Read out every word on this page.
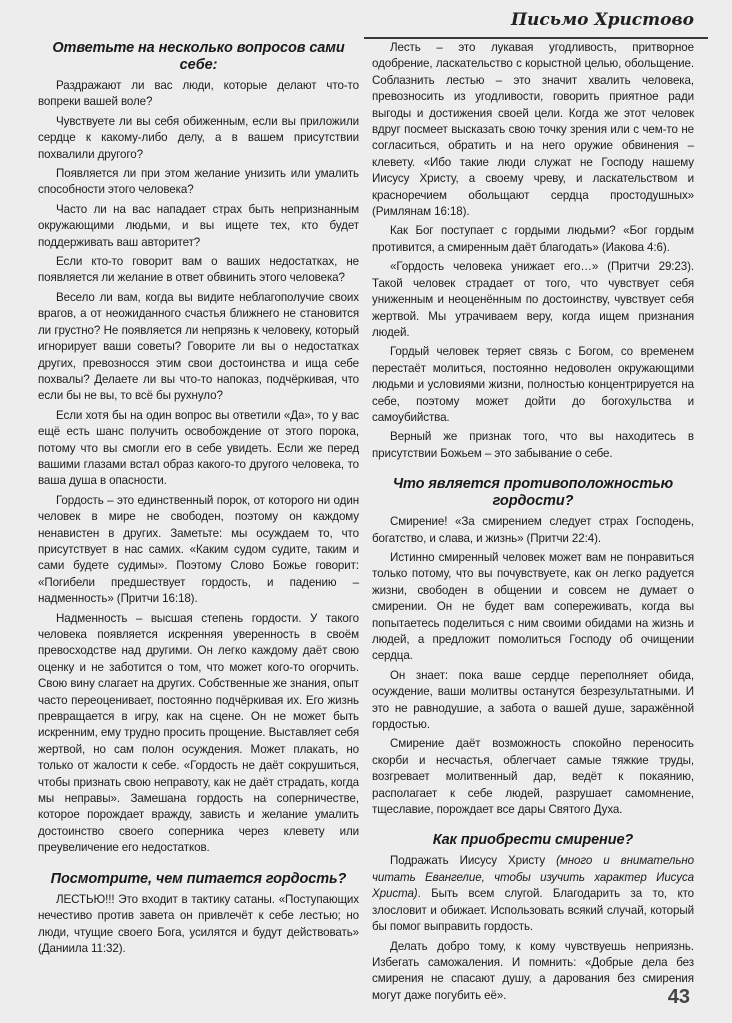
Письмо Христово
Ответьте на несколько вопросов сами себе:

Раздражают ли вас люди, которые делают что-то вопреки вашей воле?

Чувствуете ли вы себя обиженным, если вы приложили сердце к какому-либо делу, а в вашем присутствии похвалили другого?

Появляется ли при этом желание унизить или умалить способности этого человека?

Часто ли на вас нападает страх быть непризнанным окружающими людьми, и вы ищете тех, кто будет поддерживать ваш авторитет?

Если кто-то говорит вам о ваших недостатках, не появляется ли желание в ответ обвинить этого человека?

Весело ли вам, когда вы видите неблагополучие своих врагов, а от неожиданного счастья ближнего не становится ли грустно? Не появляется ли непрязнь к человеку, который игнорирует ваши советы? Говорите ли вы о недостатках других, превозносся этим свои достоинства и ища себе похвалы? Делаете ли вы что-то напоказ, подчёркивая, что если бы не вы, то всё бы рухнуло?

Если хотя бы на один вопрос вы ответили «Да», то у вас ещё есть шанс получить освобождение от этого порока, потому что вы смогли его в себе увидеть. Если же перед вашими глазами встал образ какого-то другого человека, то ваша душа в опасности.

Гордость – это единственный порок, от которого ни один человек в мире не свободен, поэтому он каждому ненавистен в других. Заметьте: мы осуждаем то, что присутствует в нас самих. «Каким судом судите, таким и сами будете судимы». Поэтому Слово Божье говорит: «Погибели предшествует гордость, и падению – надменность» (Притчи 16:18).

Надменность – высшая степень гордости. У такого человека появляется искренняя уверенность в своём превосходстве над другими. Он легко каждому даёт свою оценку и не заботится о том, что может кого-то огорчить. Свою вину слагает на других. Собственные же знания, опыт часто переоценивает, постоянно подчёркивая их. Его жизнь превращается в игру, как на сцене. Он не может быть искренним, ему трудно просить прощение. Выставляет себя жертвой, но сам полон осуждения. Может плакать, но только от жалости к себе. «Гордость не даёт сокрушиться, чтобы признать свою неправоту, как не даёт страдать, когда мы неправы». Замешана гордость на соперничестве, которое порождает вражду, зависть и желание умалить достоинство своего соперника через клевету или преувеличение его недостатков.

Посмотрите, чем питается гордость?

ЛЕСТЬЮ!!! Это входит в тактику сатаны. «Поступающих нечестиво против завета он привлечёт к себе лестью; но люди, чтущие своего Бога, усилятся и будут действовать» (Даниила 11:32).

Лесть – это лукавая угодливость, притворное одобрение, ласкательство с корыстной целью, обольщение. Соблазнить лестью – это значит хвалить человека, превозносить из угодливости, говорить приятное ради выгоды и достижения своей цели. Когда же этот человек вдруг посмеет высказать свою точку зрения или с чем-то не согласиться, обратить и на него оружие обвинения – клевету. «Ибо такие люди служат не Господу нашему Иисусу Христу, а своему чреву, и ласкательством и красноречием обольщают сердца простодушных» (Римлянам 16:18).

Как Бог поступает с гордыми людьми? «Бог гордым противится, а смиренным даёт благодать» (Иакова 4:6).

«Гордость человека унижает его…» (Притчи 29:23). Такой человек страдает от того, что чувствует себя униженным и неоценённым по достоинству, чувствует себя жертвой. Мы утрачиваем веру, когда ищем признания людей.

Гордый человек теряет связь с Богом, со временем перестаёт молиться, постоянно недоволен окружающими людьми и условиями жизни, полностью концентрируется на себе, поэтому может дойти до богохульства и самоубийства.

Верный же признак того, что вы находитесь в присутствии Божьем – это забывание о себе.

Что является противоположностью гордости?

Смирение! «За смирением следует страх Господень, богатство, и слава, и жизнь» (Притчи 22:4).

Истинно смиренный человек может вам не понравиться только потому, что вы почувствуете, как он легко радуется жизни, свободен в общении и совсем не думает о смирении. Он не будет вам сопереживать, когда вы попытаетесь поделиться с ним своими обидами на жизнь и людей, а предложит помолиться Господу об очищении сердца.

Он знает: пока ваше сердце переполняет обида, осуждение, ваши молитвы останутся безрезультатными. И это не равнодушие, а забота о вашей душе, заражённой гордостью.

Смирение даёт возможность спокойно переносить скорби и несчастья, облегчает самые тяжкие труды, возгревает молитвенный дар, ведёт к покаянию, располагает к себе людей, разрушает самомнение, тщеславие, порождает все дары Святого Духа.

Как приобрести смирение?

Подражать Иисусу Христу (много и внимательно читать Евангелие, чтобы изучить характер Иисуса Христа). Быть всем слугой. Благодарить за то, кто злословит и обижает. Использовать всякий случай, который бы помог выправить гордость.

Делать добро тому, к кому чувствуешь неприязнь. Избегать саможаления. И помнить: «Добрые дела без смирения не спасают душу, а дарования без смирения могут даже погубить её».	43
